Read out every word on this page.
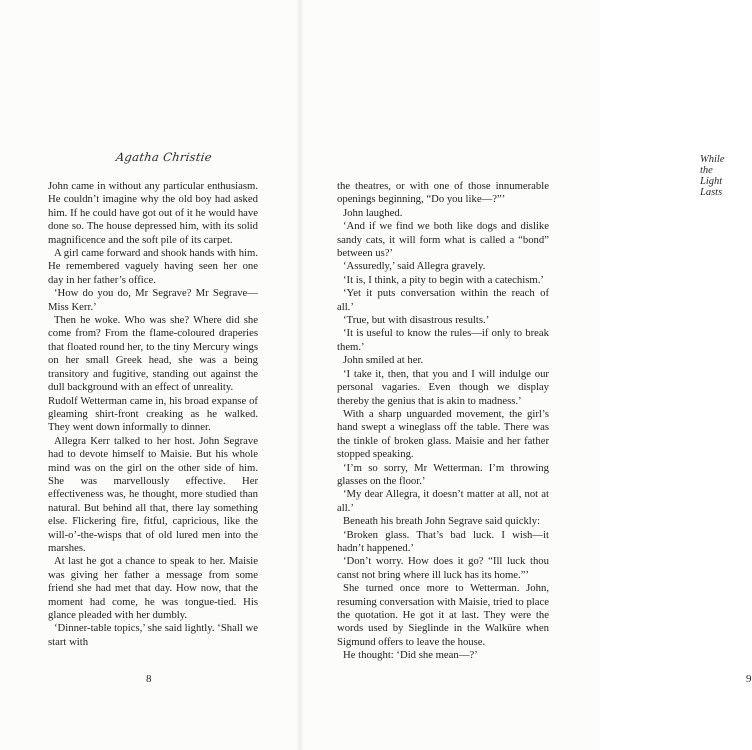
Agatha Christie

John came in without any particular enthusiasm. He couldn’t imagine why the old boy had asked him. If he could have got out of it he would have done so. The house depressed him, with its solid magnificence and the soft pile of its carpet.

A girl came forward and shook hands with him. He remembered vaguely having seen her one day in her father’s office.

‘How do you do, Mr Segrave? Mr Segrave—Miss Kerr.’

Then he woke. Who was she? Where did she come from? From the flame-coloured draperies that floated round her, to the tiny Mercury wings on her small Greek head, she was a being transitory and fugitive, standing out against the dull background with an effect of unreality.

Rudolf Wetterman came in, his broad expanse of gleaming shirt-front creaking as he walked. They went down informally to dinner.

Allegra Kerr talked to her host. John Segrave had to devote himself to Maisie. But his whole mind was on the girl on the other side of him. She was marvellously effective. Her effectiveness was, he thought, more studied than natural. But behind all that, there lay something else. Flickering fire, fitful, capricious, like the will-o’-the-wisps that of old lured men into the marshes.

At last he got a chance to speak to her. Maisie was giving her father a message from some friend she had met that day. How now, that the moment had come, he was tongue-tied. His glance pleaded with her dumbly.

‘Dinner-table topics,’ she said lightly. ‘Shall we start with

8
While the Light Lasts

the theatres, or with one of those innumerable openings beginning, “Do you like—?”’

John laughed.

‘And if we find we both like dogs and dislike sandy cats, it will form what is called a “bond” between us?’

‘Assuredly,’ said Allegra gravely.

‘It is, I think, a pity to begin with a catechism.’

‘Yet it puts conversation within the reach of all.’

‘True, but with disastrous results.’

‘It is useful to know the rules—if only to break them.’

John smiled at her.

‘I take it, then, that you and I will indulge our personal vagaries. Even though we display thereby the genius that is akin to madness.’

With a sharp unguarded movement, the girl’s hand swept a wineglass off the table. There was the tinkle of broken glass. Maisie and her father stopped speaking.

‘I’m so sorry, Mr Wetterman. I’m throwing glasses on the floor.’

‘My dear Allegra, it doesn’t matter at all, not at all.’

Beneath his breath John Segrave said quickly:

‘Broken glass. That’s bad luck. I wish—it hadn’t happened.’

‘Don’t worry. How does it go? “Ill luck thou canst not bring where ill luck has its home.”’

She turned once more to Wetterman. John, resuming conversation with Maisie, tried to place the quotation. He got it at last. They were the words used by Sieglinde in the Walküre when Sigmund offers to leave the house.

He thought: ‘Did she mean—?’

9
